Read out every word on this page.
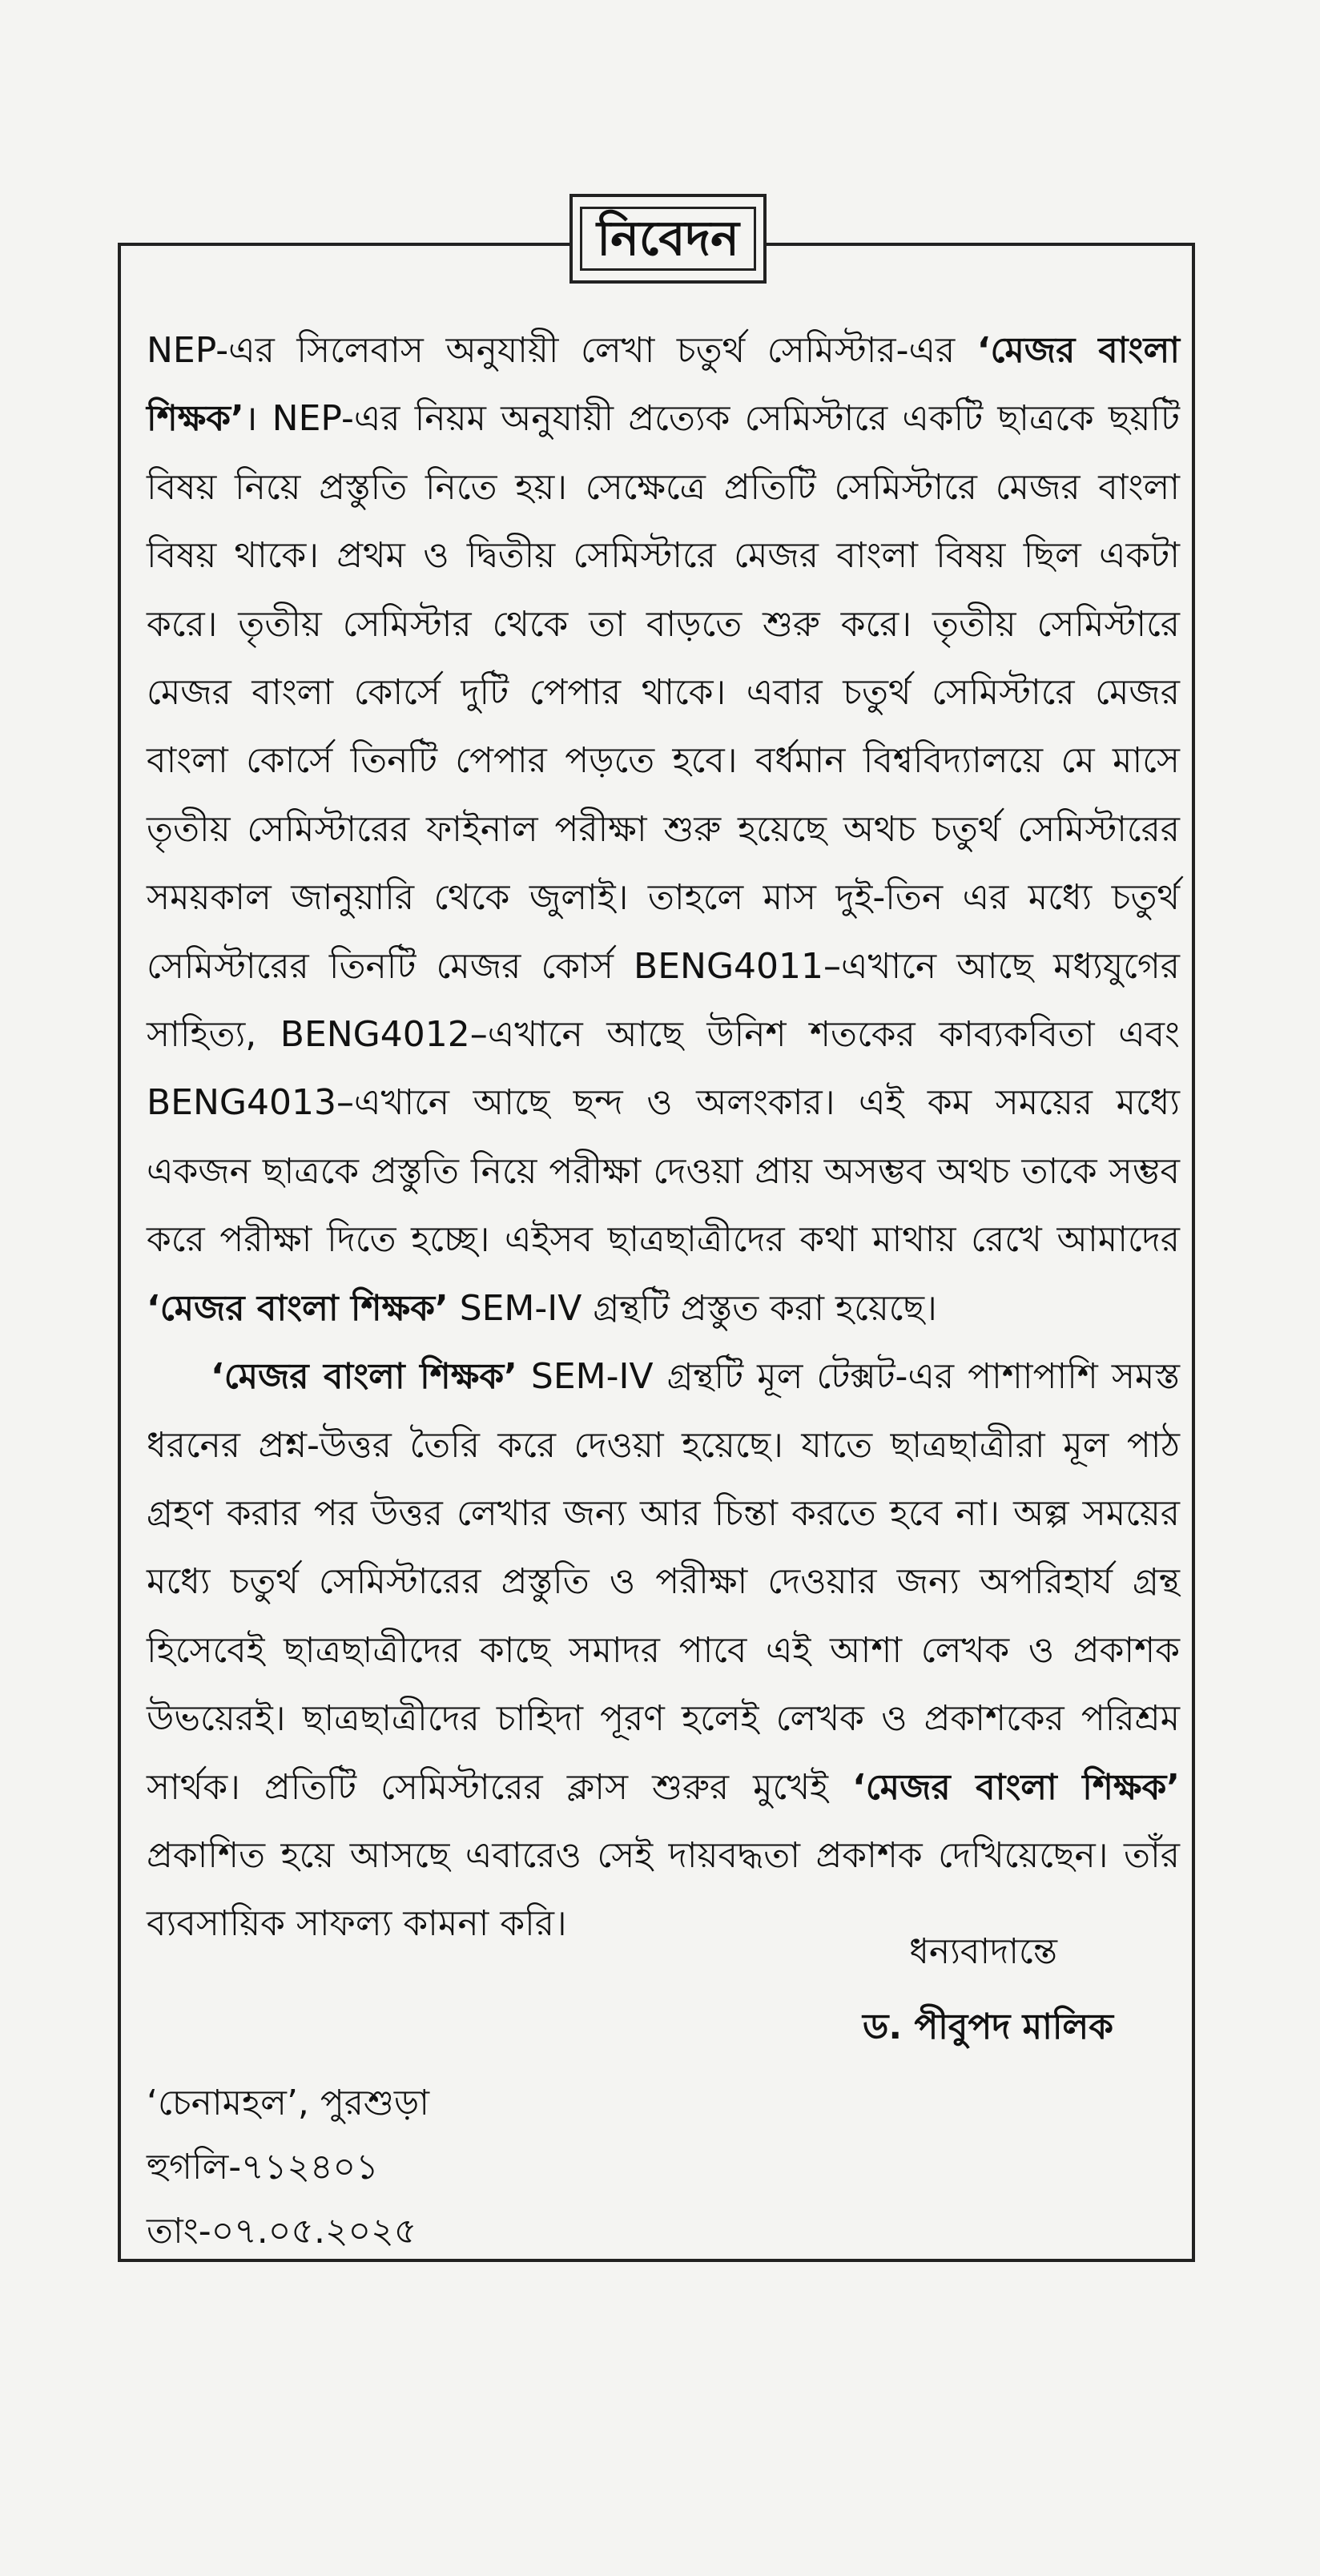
নিবেদন

NEP-এর সিলেবাস অনুযায়ী লেখা চতুর্থ সেমিস্টার-এর ‘মেজর বাংলা শিক্ষক’। NEP-এর নিয়ম অনুযায়ী প্রত্যেক সেমিস্টারে একটি ছাত্রকে ছয়টি বিষয় নিয়ে প্রস্তুতি নিতে হয়। সেক্ষেত্রে প্রতিটি সেমিস্টারে মেজর বাংলা বিষয় থাকে। প্রথম ও দ্বিতীয় সেমিস্টারে মেজর বাংলা বিষয় ছিল একটা করে। তৃতীয় সেমিস্টার থেকে তা বাড়তে শুরু করে। তৃতীয় সেমিস্টারে মেজর বাংলা কোর্সে দুটি পেপার থাকে। এবার চতুর্থ সেমিস্টারে মেজর বাংলা কোর্সে তিনটি পেপার পড়তে হবে। বর্ধমান বিশ্ববিদ্যালয়ে মে মাসে তৃতীয় সেমিস্টারের ফাইনাল পরীক্ষা শুরু হয়েছে অথচ চতুর্থ সেমিস্টারের সময়কাল জানুয়ারি থেকে জুলাই। তাহলে মাস দুই-তিন এর মধ্যে চতুর্থ সেমিস্টারের তিনটি মেজর কোর্স BENG4011–এখানে আছে মধ্যযুগের সাহিত্য, BENG4012–এখানে আছে উনিশ শতকের কাব্যকবিতা এবং BENG4013–এখানে আছে ছন্দ ও অলংকার। এই কম সময়ের মধ্যে একজন ছাত্রকে প্রস্তুতি নিয়ে পরীক্ষা দেওয়া প্রায় অসম্ভব অথচ তাকে সম্ভব করে পরীক্ষা দিতে হচ্ছে। এইসব ছাত্রছাত্রীদের কথা মাথায় রেখে আমাদের ‘মেজর বাংলা শিক্ষক’ SEM-IV গ্রন্থটি প্রস্তুত করা হয়েছে।

‘মেজর বাংলা শিক্ষক’ SEM-IV গ্রন্থটি মূল টেক্সট-এর পাশাপাশি সমস্ত ধরনের প্রশ্ন-উত্তর তৈরি করে দেওয়া হয়েছে। যাতে ছাত্রছাত্রীরা মূল পাঠ গ্রহণ করার পর উত্তর লেখার জন্য আর চিন্তা করতে হবে না। অল্প সময়ের মধ্যে চতুর্থ সেমিস্টারের প্রস্তুতি ও পরীক্ষা দেওয়ার জন্য অপরিহার্য গ্রন্থ হিসেবেই ছাত্রছাত্রীদের কাছে সমাদর পাবে এই আশা লেখক ও প্রকাশক উভয়েরই। ছাত্রছাত্রীদের চাহিদা পূরণ হলেই লেখক ও প্রকাশকের পরিশ্রম সার্থক। প্রতিটি সেমিস্টারের ক্লাস শুরুর মুখেই ‘মেজর বাংলা শিক্ষক’ প্রকাশিত হয়ে আসছে এবারেও সেই দায়বদ্ধতা প্রকাশক দেখিয়েছেন। তাঁর ব্যবসায়িক সাফল্য কামনা করি।

ধন্যবাদান্তে
ড. পীবুপদ মালিক
‘চেনামহল’, পুরশুড়া
হুগলি-৭১২৪০১
তাং-০৭.০৫.২০২৫
